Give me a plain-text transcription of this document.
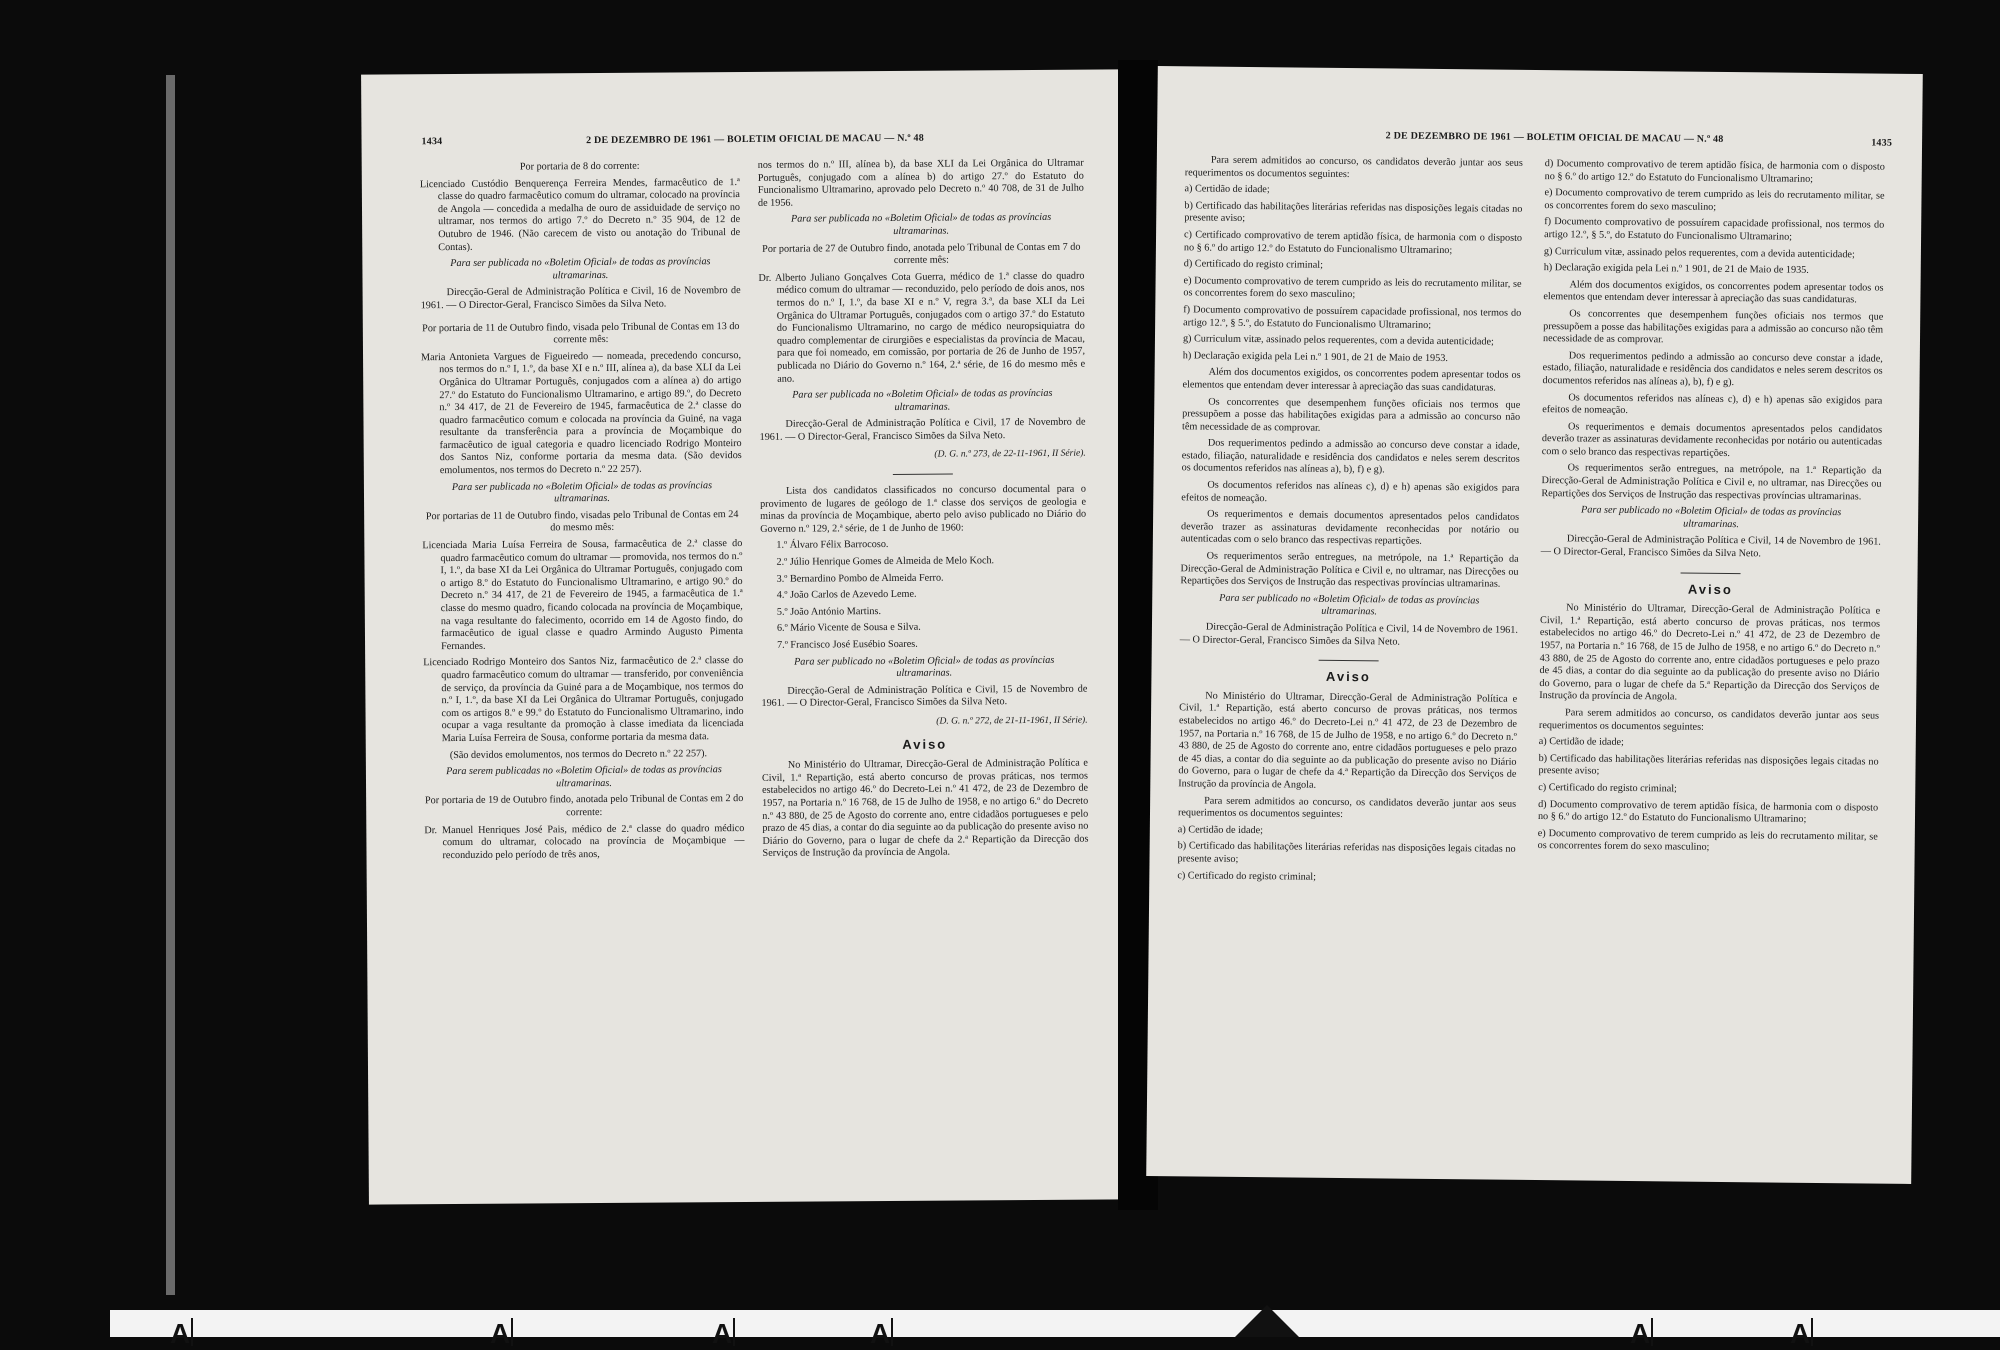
1434	2 DE DEZEMBRO DE 1961 — BOLETIM OFICIAL DE MACAU — N.º 48

Por portaria de 8 do corrente:

Licenciado Custódio Benquerença Ferreira Mendes, farmacêutico de 1.ª classe do quadro farmacêutico comum do ultramar, colocado na província de Angola — concedida a medalha de ouro de assiduidade de serviço no ultramar, nos termos do artigo 7.º do Decreto n.º 35 904, de 12 de Outubro de 1946. (Não carecem de visto ou anotação do Tribunal de Contas).

Para ser publicada no «Boletim Oficial» de todas as províncias ultramarinas.

Direcção-Geral de Administração Política e Civil, 16 de Novembro de 1961. — O Director-Geral, Francisco Simões da Silva Neto.

Por portaria de 11 de Outubro findo, visada pelo Tribunal de Contas em 13 do corrente mês:

Maria Antonieta Vargues de Figueiredo — nomeada, precedendo concurso, nos termos do n.º I, 1.º, da base XI e n.º III, alínea a), da base XLI da Lei Orgânica do Ultramar Português, conjugados com a alínea a) do artigo 27.º do Estatuto do Funcionalismo Ultramarino, e artigo 89.º, do Decreto n.º 34 417, de 21 de Fevereiro de 1945, farmacêutica de 2.ª classe do quadro farmacêutico comum e colocada na província da Guiné, na vaga resultante da transferência para a província de Moçambique do farmacêutico de igual categoria e quadro licenciado Rodrigo Monteiro dos Santos Niz, conforme portaria da mesma data. (São devidos emolumentos, nos termos do Decreto n.º 22 257).

Para ser publicada no «Boletim Oficial» de todas as províncias ultramarinas.

Por portarias de 11 de Outubro findo, visadas pelo Tribunal de Contas em 24 do mesmo mês:

Licenciada Maria Luísa Ferreira de Sousa, farmacêutica de 2.ª classe do quadro farmacêutico comum do ultramar — promovida, nos termos do n.º I, 1.º, da base XI da Lei Orgânica do Ultramar Português, conjugado com o artigo 8.º do Estatuto do Funcionalismo Ultramarino, e artigo 90.º do Decreto n.º 34 417, de 21 de Fevereiro de 1945, a farmacêutica de 1.ª classe do mesmo quadro, ficando colocada na província de Moçambique, na vaga resultante do falecimento, ocorrido em 14 de Agosto findo, do farmacêutico de igual classe e quadro Armindo Augusto Pimenta Fernandes.

Licenciado Rodrigo Monteiro dos Santos Niz, farmacêutico de 2.ª classe do quadro farmacêutico comum do ultramar — transferido, por conveniência de serviço, da província da Guiné para a de Moçambique, nos termos do n.º I, 1.º, da base XI da Lei Orgânica do Ultramar Português, conjugado com os artigos 8.º e 99.º do Estatuto do Funcionalismo Ultramarino, indo ocupar a vaga resultante da promoção à classe imediata da licenciada Maria Luísa Ferreira de Sousa, conforme portaria da mesma data.

(São devidos emolumentos, nos termos do Decreto n.º 22 257).

Para serem publicadas no «Boletim Oficial» de todas as províncias ultramarinas.

Por portaria de 19 de Outubro findo, anotada pelo Tribunal de Contas em 2 do corrente:

Dr. Manuel Henriques José Pais, médico de 2.ª classe do quadro médico comum do ultramar, colocado na província de Moçambique — reconduzido pelo período de três anos,

nos termos do n.º III, alínea b), da base XLI da Lei Orgânica do Ultramar Português, conjugado com a alínea b) do artigo 27.º do Estatuto do Funcionalismo Ultramarino, aprovado pelo Decreto n.º 40 708, de 31 de Julho de 1956.

Para ser publicada no «Boletim Oficial» de todas as províncias ultramarinas.

Por portaria de 27 de Outubro findo, anotada pelo Tribunal de Contas em 7 do corrente mês:

Dr. Alberto Juliano Gonçalves Cota Guerra, médico de 1.ª classe do quadro médico comum do ultramar — reconduzido, pelo período de dois anos, nos termos do n.º I, 1.º, da base XI e n.º V, regra 3.ª, da base XLI da Lei Orgânica do Ultramar Português, conjugados com o artigo 37.º do Estatuto do Funcionalismo Ultramarino, no cargo de médico neuropsiquiatra do quadro complementar de cirurgiões e especialistas da província de Macau, para que foi nomeado, em comissão, por portaria de 26 de Junho de 1957, publicada no Diário do Governo n.º 164, 2.ª série, de 16 do mesmo mês e ano.

Para ser publicada no «Boletim Oficial» de todas as províncias ultramarinas.

Direcção-Geral de Administração Política e Civil, 17 de Novembro de 1961. — O Director-Geral, Francisco Simões da Silva Neto.

(D. G. n.º 273, de 22-11-1961, II Série).

Lista dos candidatos classificados no concurso documental para o provimento de lugares de geólogo de 1.ª classe dos serviços de geologia e minas da província de Moçambique, aberto pelo aviso publicado no Diário do Governo n.º 129, 2.ª série, de 1 de Junho de 1960:

1.º Álvaro Félix Barrocoso.

2.º Júlio Henrique Gomes de Almeida de Melo Koch.

3.º Bernardino Pombo de Almeida Ferro.

4.º João Carlos de Azevedo Leme.

5.º João António Martins.

6.º Mário Vicente de Sousa e Silva.

7.º Francisco José Eusébio Soares.

Para ser publicado no «Boletim Oficial» de todas as províncias ultramarinas.

Direcção-Geral de Administração Política e Civil, 15 de Novembro de 1961. — O Director-Geral, Francisco Simões da Silva Neto.

(D. G. n.º 272, de 21-11-1961, II Série).

Aviso

No Ministério do Ultramar, Direcção-Geral de Administração Política e Civil, 1.ª Repartição, está aberto concurso de provas práticas, nos termos estabelecidos no artigo 46.º do Decreto-Lei n.º 41 472, de 23 de Dezembro de 1957, na Portaria n.º 16 768, de 15 de Julho de 1958, e no artigo 6.º do Decreto n.º 43 880, de 25 de Agosto do corrente ano, entre cidadãos portugueses e pelo prazo de 45 dias, a contar do dia seguinte ao da publicação do presente aviso no Diário do Governo, para o lugar de chefe da 2.ª Repartição da Direcção dos Serviços de Instrução da província de Angola.

2 DE DEZEMBRO DE 1961 — BOLETIM OFICIAL DE MACAU — N.º 48	1435

Para serem admitidos ao concurso, os candidatos deverão juntar aos seus requerimentos os documentos seguintes:

a) Certidão de idade;

b) Certificado das habilitações literárias referidas nas disposições legais citadas no presente aviso;

c) Certificado comprovativo de terem aptidão física, de harmonia com o disposto no § 6.º do artigo 12.º do Estatuto do Funcionalismo Ultramarino;

d) Certificado do registo criminal;

e) Documento comprovativo de terem cumprido as leis do recrutamento militar, se os concorrentes forem do sexo masculino;

f) Documento comprovativo de possuírem capacidade profissional, nos termos do artigo 12.º, § 5.º, do Estatuto do Funcionalismo Ultramarino;

g) Curriculum vitæ, assinado pelos requerentes, com a devida autenticidade;

h) Declaração exigida pela Lei n.º 1 901, de 21 de Maio de 1953.

Além dos documentos exigidos, os concorrentes podem apresentar todos os elementos que entendam dever interessar à apreciação das suas candidaturas.

Os concorrentes que desempenhem funções oficiais nos termos que pressupõem a posse das habilitações exigidas para a admissão ao concurso não têm necessidade de as comprovar.

Dos requerimentos pedindo a admissão ao concurso deve constar a idade, estado, filiação, naturalidade e residência dos candidatos e neles serem descritos os documentos referidos nas alíneas a), b), f) e g).

Os documentos referidos nas alíneas c), d) e h) apenas são exigidos para efeitos de nomeação.

Os requerimentos e demais documentos apresentados pelos candidatos deverão trazer as assinaturas devidamente reconhecidas por notário ou autenticadas com o selo branco das respectivas repartições.

Os requerimentos serão entregues, na metrópole, na 1.ª Repartição da Direcção-Geral de Administração Política e Civil e, no ultramar, nas Direcções ou Repartições dos Serviços de Instrução das respectivas províncias ultramarinas.

Para ser publicado no «Boletim Oficial» de todas as províncias ultramarinas.

Direcção-Geral de Administração Política e Civil, 14 de Novembro de 1961. — O Director-Geral, Francisco Simões da Silva Neto.

Aviso

No Ministério do Ultramar, Direcção-Geral de Administração Política e Civil, 1.ª Repartição, está aberto concurso de provas práticas, nos termos estabelecidos no artigo 46.º do Decreto-Lei n.º 41 472, de 23 de Dezembro de 1957, na Portaria n.º 16 768, de 15 de Julho de 1958, e no artigo 6.º do Decreto n.º 43 880, de 25 de Agosto do corrente ano, entre cidadãos portugueses e pelo prazo de 45 dias, a contar do dia seguinte ao da publicação do presente aviso no Diário do Governo, para o lugar de chefe da 4.ª Repartição da Direcção dos Serviços de Instrução da província de Angola.

Para serem admitidos ao concurso, os candidatos deverão juntar aos seus requerimentos os documentos seguintes:

a) Certidão de idade;

b) Certificado das habilitações literárias referidas nas disposições legais citadas no presente aviso;

c) Certificado do registo criminal;

d) Documento comprovativo de terem aptidão física, de harmonia com o disposto no § 6.º do artigo 12.º do Estatuto do Funcionalismo Ultramarino;

e) Documento comprovativo de terem cumprido as leis do recrutamento militar, se os concorrentes forem do sexo masculino;

f) Documento comprovativo de possuírem capacidade profissional, nos termos do artigo 12.º, § 5.º, do Estatuto do Funcionalismo Ultramarino;

g) Curriculum vitæ, assinado pelos requerentes, com a devida autenticidade;

h) Declaração exigida pela Lei n.º 1 901, de 21 de Maio de 1935.

Além dos documentos exigidos, os concorrentes podem apresentar todos os elementos que entendam dever interessar à apreciação das suas candidaturas.

Os concorrentes que desempenhem funções oficiais nos termos que pressupõem a posse das habilitações exigidas para a admissão ao concurso não têm necessidade de as comprovar.

Dos requerimentos pedindo a admissão ao concurso deve constar a idade, estado, filiação, naturalidade e residência dos candidatos e neles serem descritos os documentos referidos nas alíneas a), b), f) e g).

Os documentos referidos nas alíneas c), d) e h) apenas são exigidos para efeitos de nomeação.

Os requerimentos e demais documentos apresentados pelos candidatos deverão trazer as assinaturas devidamente reconhecidas por notário ou autenticadas com o selo branco das respectivas repartições.

Os requerimentos serão entregues, na metrópole, na 1.ª Repartição da Direcção-Geral de Administração Política e Civil e, no ultramar, nas Direcções ou Repartições dos Serviços de Instrução das respectivas províncias ultramarinas.

Para ser publicado no «Boletim Oficial» de todas as províncias ultramarinas.

Direcção-Geral de Administração Política e Civil, 14 de Novembro de 1961. — O Director-Geral, Francisco Simões da Silva Neto.

Aviso

No Ministério do Ultramar, Direcção-Geral de Administração Política e Civil, 1.ª Repartição, está aberto concurso de provas práticas, nos termos estabelecidos no artigo 46.º do Decreto-Lei n.º 41 472, de 23 de Dezembro de 1957, na Portaria n.º 16 768, de 15 de Julho de 1958, e no artigo 6.º do Decreto n.º 43 880, de 25 de Agosto do corrente ano, entre cidadãos portugueses e pelo prazo de 45 dias, a contar do dia seguinte ao da publicação do presente aviso no Diário do Governo, para o lugar de chefe da 5.ª Repartição da Direcção dos Serviços de Instrução da província de Angola.

Para serem admitidos ao concurso, os candidatos deverão juntar aos seus requerimentos os documentos seguintes:

a) Certidão de idade;

b) Certificado das habilitações literárias referidas nas disposições legais citadas no presente aviso;

c) Certificado do registo criminal;

d) Documento comprovativo de terem aptidão física, de harmonia com o disposto no § 6.º do artigo 12.º do Estatuto do Funcionalismo Ultramarino;

e) Documento comprovativo de terem cumprido as leis do recrutamento militar, se os concorrentes forem do sexo masculino;

A	A	A	A	A	A
